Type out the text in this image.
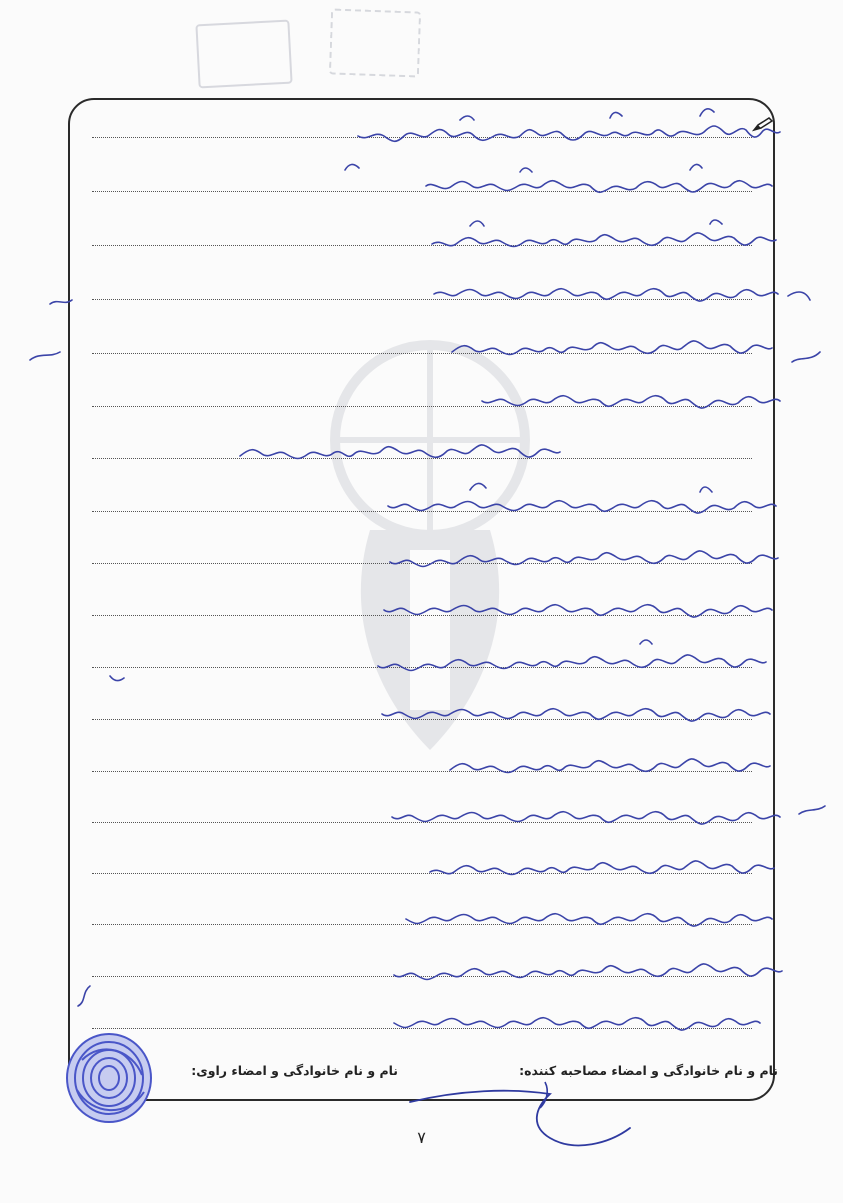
نام و نام خانوادگی و امضاء مصاحبه کننده:
نام و نام خانوادگی و امضاء راوی:
۷
